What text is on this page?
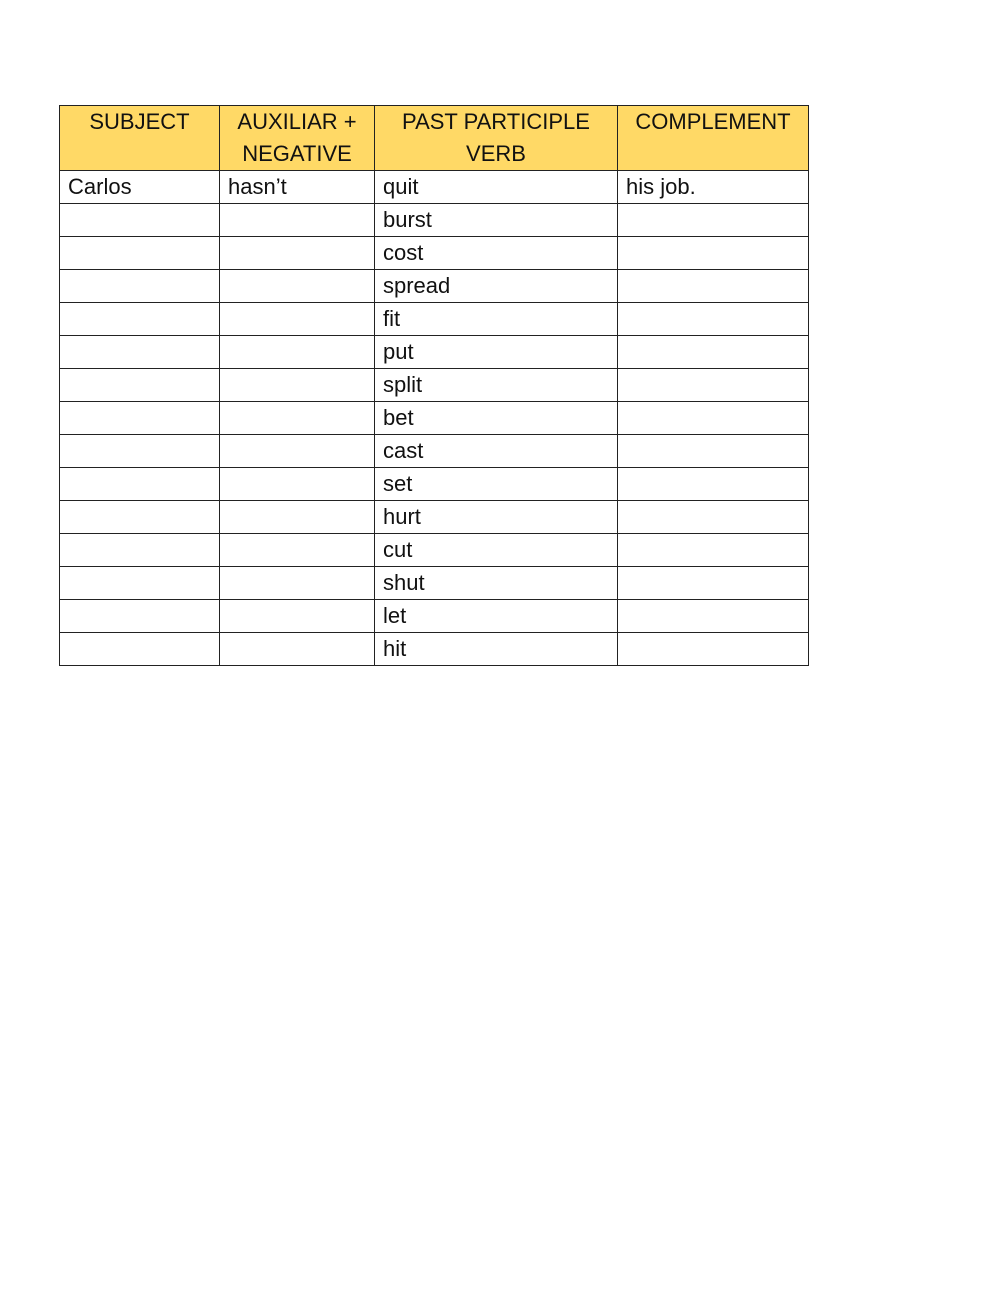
SUBJECT	AUXILIAR + NEGATIVE	PAST PARTICIPLE VERB	COMPLEMENT
Carlos	hasn’t	quit	his job.
		burst	
		cost	
		spread	
		fit	
		put	
		split	
		bet	
		cast	
		set	
		hurt	
		cut	
		shut	
		let	
		hit	
